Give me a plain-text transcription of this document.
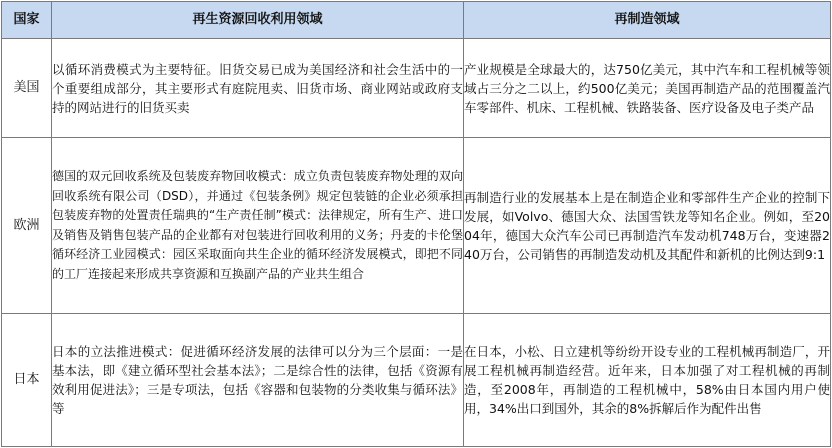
国家	再生资源回收利用领域	再制造领域
美国	以循环消费模式为主要特征。旧货交易已成为美国经济和社会生活中的一个重要组成部分，其主要形式有庭院甩卖、旧货市场、商业网站或政府支持的网站进行的旧货买卖	产业规模是全球最大的，达750亿美元，其中汽车和工程机械等领域占三分之二以上，约500亿美元；美国再制造产品的范围覆盖汽车零部件、机床、工程机械、铁路装备、医疗设备及电子类产品
欧洲	德国的双元回收系统及包装废弃物回收模式：成立负责包装废弃物处理的双向回收系统有限公司（DSD），并通过《包装条例》规定包装链的企业必须承担包装废弃物的处置责任瑞典的“生产责任制”模式：法律规定，所有生产、进口及销售及销售包装产品的企业都有对包装进行回收利用的义务；丹麦的卡伦堡循环经济工业园模式：园区采取面向共生企业的循环经济发展模式，即把不同的工厂连接起来形成共享资源和互换副产品的产业共生组合	再制造行业的发展基本上是在制造企业和零部件生产企业的控制下发展，如Volvo、德国大众、法国雪铁龙等知名企业。例如，至2004年，德国大众汽车公司已再制造汽车发动机748万台，变速器240万台，公司销售的再制造发动机及其配件和新机的比例达到9:1
日本	日本的立法推进模式：促进循环经济发展的法律可以分为三个层面：一是基本法，即《建立循环型社会基本法》；二是综合性的法律，包括《资源有效利用促进法》；三是专项法，包括《容器和包装物的分类收集与循环法》等	在日本，小松、日立建机等纷纷开设专业的工程机械再制造厂，开展工程机械再制造经营。近年来，日本加强了对工程机械的再制造，至2008年，再制造的工程机械中，58%由日本国内用户使用，34%出口到国外，其余的8%拆解后作为配件出售
